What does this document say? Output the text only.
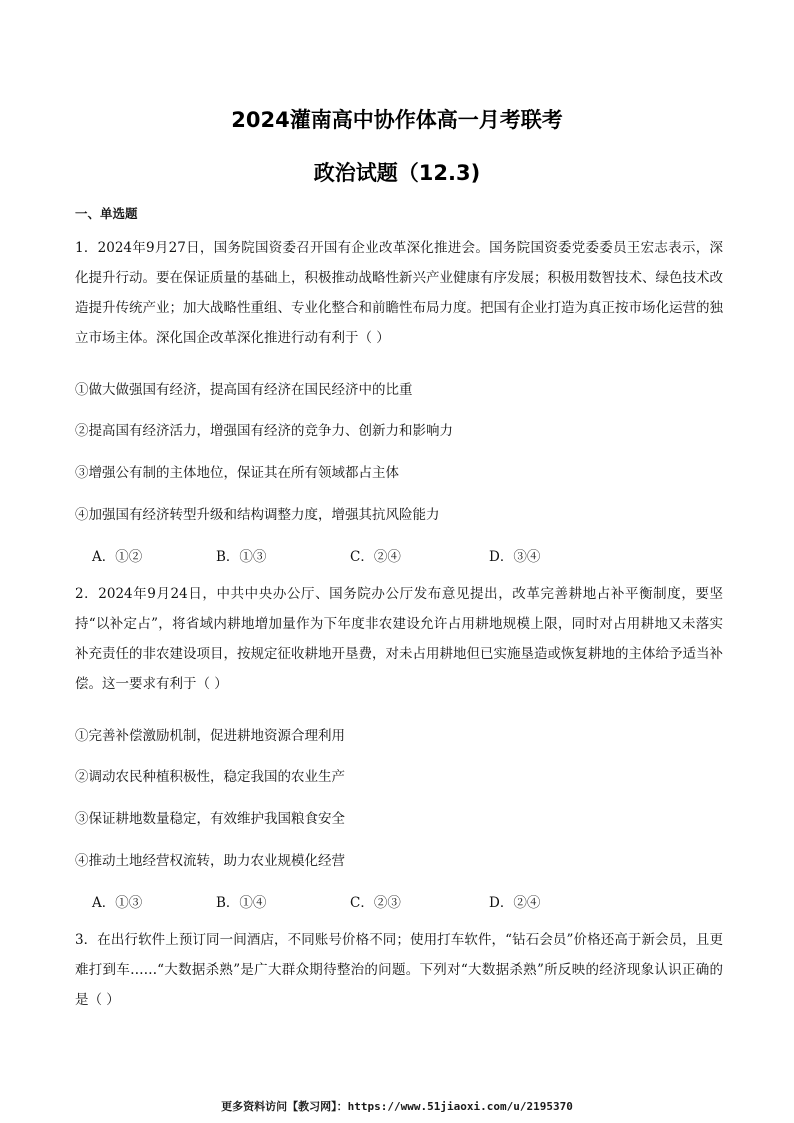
2024灌南高中协作体高一月考联考
政治试题（12.3)
一、单选题
1．2024年9月27日，国务院国资委召开国有企业改革深化推进会。国务院国资委党委委员王宏志表示，深化提升行动。要在保证质量的基础上，积极推动战略性新兴产业健康有序发展；积极用数智技术、绿色技术改造提升传统产业；加大战略性重组、专业化整合和前瞻性布局力度。把国有企业打造为真正按市场化运营的独立市场主体。深化国企改革深化推进行动有利于（ ）
①做大做强国有经济，提高国有经济在国民经济中的比重
②提高国有经济活力，增强国有经济的竞争力、创新力和影响力
③增强公有制的主体地位，保证其在所有领域都占主体
④加强国有经济转型升级和结构调整力度，增强其抗风险能力
A．①②	B．①③	C．②④	D．③④
2．2024年9月24日，中共中央办公厅、国务院办公厅发布意见提出，改革完善耕地占补平衡制度，要坚持“以补定占”，将省域内耕地增加量作为下年度非农建设允许占用耕地规模上限，同时对占用耕地又未落实补充责任的非农建设项目，按规定征收耕地开垦费，对未占用耕地但已实施垦造或恢复耕地的主体给予适当补偿。这一要求有利于（ ）
①完善补偿激励机制，促进耕地资源合理利用
②调动农民种植积极性，稳定我国的农业生产
③保证耕地数量稳定，有效维护我国粮食安全
④推动土地经营权流转，助力农业规模化经营
A．①③	B．①④	C．②③	D．②④
3．在出行软件上预订同一间酒店，不同账号价格不同；使用打车软件，“钻石会员”价格还高于新会员，且更难打到车……“大数据杀熟”是广大群众期待整治的问题。下列对“大数据杀熟”所反映的经济现象认识正确的是（ ）
更多资料访问【教习网】：https://www.51jiaoxi.com/u/2195370
